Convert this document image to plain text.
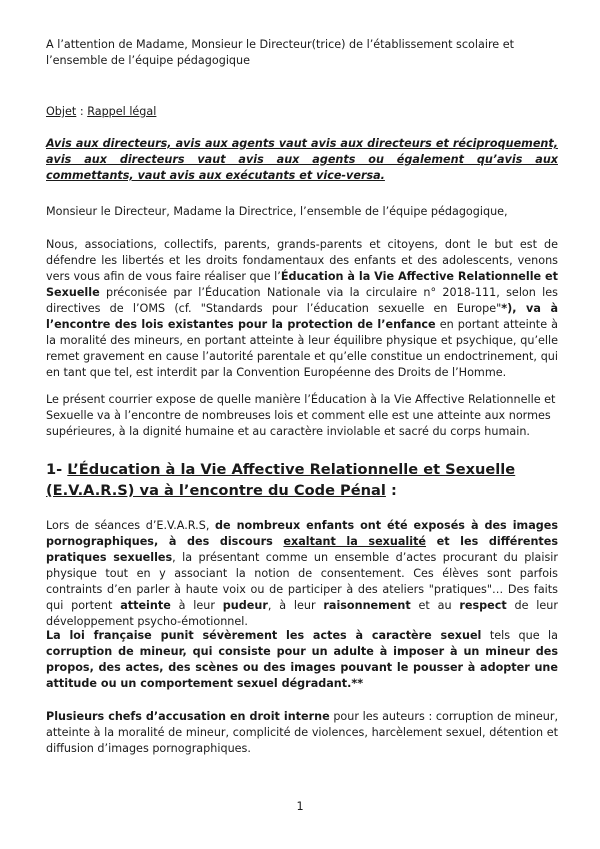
A l’attention de Madame, Monsieur le Directeur(trice) de l’établissement scolaire et l’ensemble de l’équipe pédagogique

Objet : Rappel légal

Avis aux directeurs, avis aux agents vaut avis aux directeurs et réciproquement, avis aux directeurs vaut avis aux agents ou également qu’avis aux commettants, vaut avis aux exécutants et vice-versa.

Monsieur le Directeur, Madame la Directrice, l’ensemble de l’équipe pédagogique,

Nous, associations, collectifs, parents, grands-parents et citoyens, dont le but est de défendre les libertés et les droits fondamentaux des enfants et des adolescents, venons vers vous afin de vous faire réaliser que l’Éducation à la Vie Affective Relationnelle et Sexuelle préconisée par l’Éducation Nationale via la circulaire n° 2018-111, selon les directives de l’OMS (cf. "Standards pour l’éducation sexuelle en Europe"*), va à l’encontre des lois existantes pour la protection de l’enfance en portant atteinte à la moralité des mineurs, en portant atteinte à leur équilibre physique et psychique, qu’elle remet gravement en cause l’autorité parentale et qu’elle constitue un endoctrinement, qui en tant que tel, est interdit par la Convention Européenne des Droits de l’Homme.

Le présent courrier expose de quelle manière l’Éducation à la Vie Affective Relationnelle et Sexuelle va à l’encontre de nombreuses lois et comment elle est une atteinte aux normes supérieures, à la dignité humaine et au caractère inviolable et sacré du corps humain.

1- L’Éducation à la Vie Affective Relationnelle et Sexuelle (E.V.A.R.S) va à l’encontre du Code Pénal :

Lors de séances d’E.V.A.R.S, de nombreux enfants ont été exposés à des images pornographiques, à des discours exaltant la sexualité et les différentes pratiques sexuelles, la présentant comme un ensemble d’actes procurant du plaisir physique tout en y associant la notion de consentement. Ces élèves sont parfois contraints d’en parler à haute voix ou de participer à des ateliers "pratiques"… Des faits qui portent atteinte à leur pudeur, à leur raisonnement et au respect de leur développement psycho-émotionnel.

La loi française punit sévèrement les actes à caractère sexuel tels que la corruption de mineur, qui consiste pour un adulte à imposer à un mineur des propos, des actes, des scènes ou des images pouvant le pousser à adopter une attitude ou un comportement sexuel dégradant.**

Plusieurs chefs d’accusation en droit interne pour les auteurs : corruption de mineur, atteinte à la moralité de mineur, complicité de violences, harcèlement sexuel, détention et diffusion d’images pornographiques.

1
